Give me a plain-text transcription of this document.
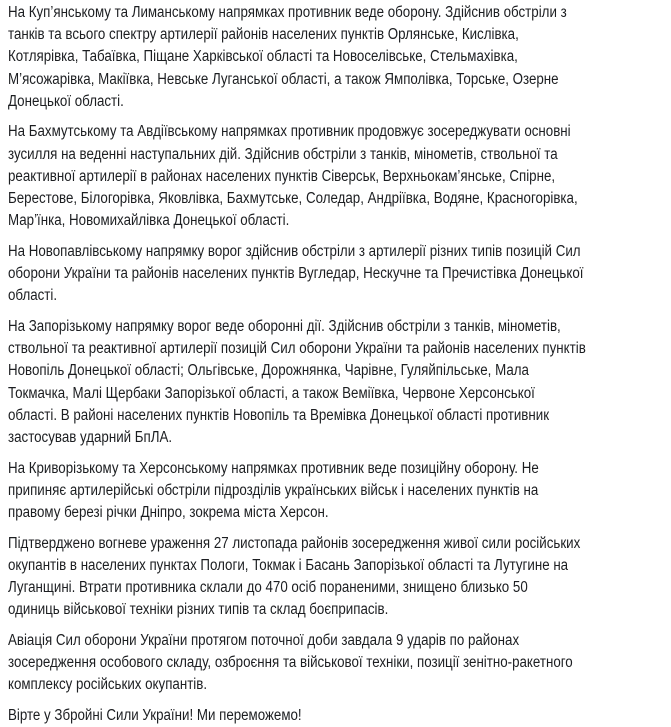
На Куп’янському та Лиманському напрямках противник веде оборону. Здійснив обстріли з
танків та всього спектру артилерії районів населених пунктів Орлянське, Кислівка,
Котлярівка, Табаївка, Піщане Харківської області та Новоселівське, Стельмахівка,
М’ясожарівка, Макіївка, Невське Луганської області, а також Ямполівка, Торське, Озерне
Донецької області.
На Бахмутському та Авдіївському напрямках противник продовжує зосереджувати основні
зусилля на веденні наступальних дій. Здійснив обстріли з танків, мінометів, ствольної та
реактивної артилерії в районах населених пунктів Сіверськ, Верхньокам’янське, Спірне,
Берестове, Білогорівка, Яковлівка, Бахмутське, Соледар, Андріївка, Водяне, Красногорівка,
Мар’їнка, Новомихайлівка Донецької області.
На Новопавлівському напрямку ворог здійснив обстріли з артилерії різних типів позицій Сил
оборони України та районів населених пунктів Вугледар, Нескучне та Пречистівка Донецької
області.
На Запорізькому напрямку ворог веде оборонні дії. Здійснив обстріли з танків, мінометів,
ствольної та реактивної артилерії позицій Сил оборони України та районів населених пунктів
Новопіль Донецької області; Ольгівське, Дорожнянка, Чарівне, Гуляйпільське, Мала
Токмачка, Малі Щербаки Запорізької області, а також Веміївка, Червоне Херсонської
області. В районі населених пунктів Новопіль та Времівка Донецької області противник
застосував ударний БпЛА.
На Криворізькому та Херсонському напрямках противник веде позиційну оборону. Не
припиняє артилерійські обстріли підрозділів українських військ і населених пунктів на
правому березі річки Дніпро, зокрема міста Херсон.
Підтверджено вогневе ураження 27 листопада районів зосередження живої сили російських
окупантів в населених пунктах Пологи, Токмак і Басань Запорізької області та Лутугине на
Луганщині. Втрати противника склали до 470 осіб пораненими, знищено близько 50
одиниць військової техніки різних типів та склад боєприпасів.
Авіація Сил оборони України протягом поточної доби завдала 9 ударів по районах
зосередження особового складу, озброєння та військової техніки, позиції зенітно-ракетного
комплексу російських окупантів.
Вірте у Збройні Сили України! Ми переможемо!
